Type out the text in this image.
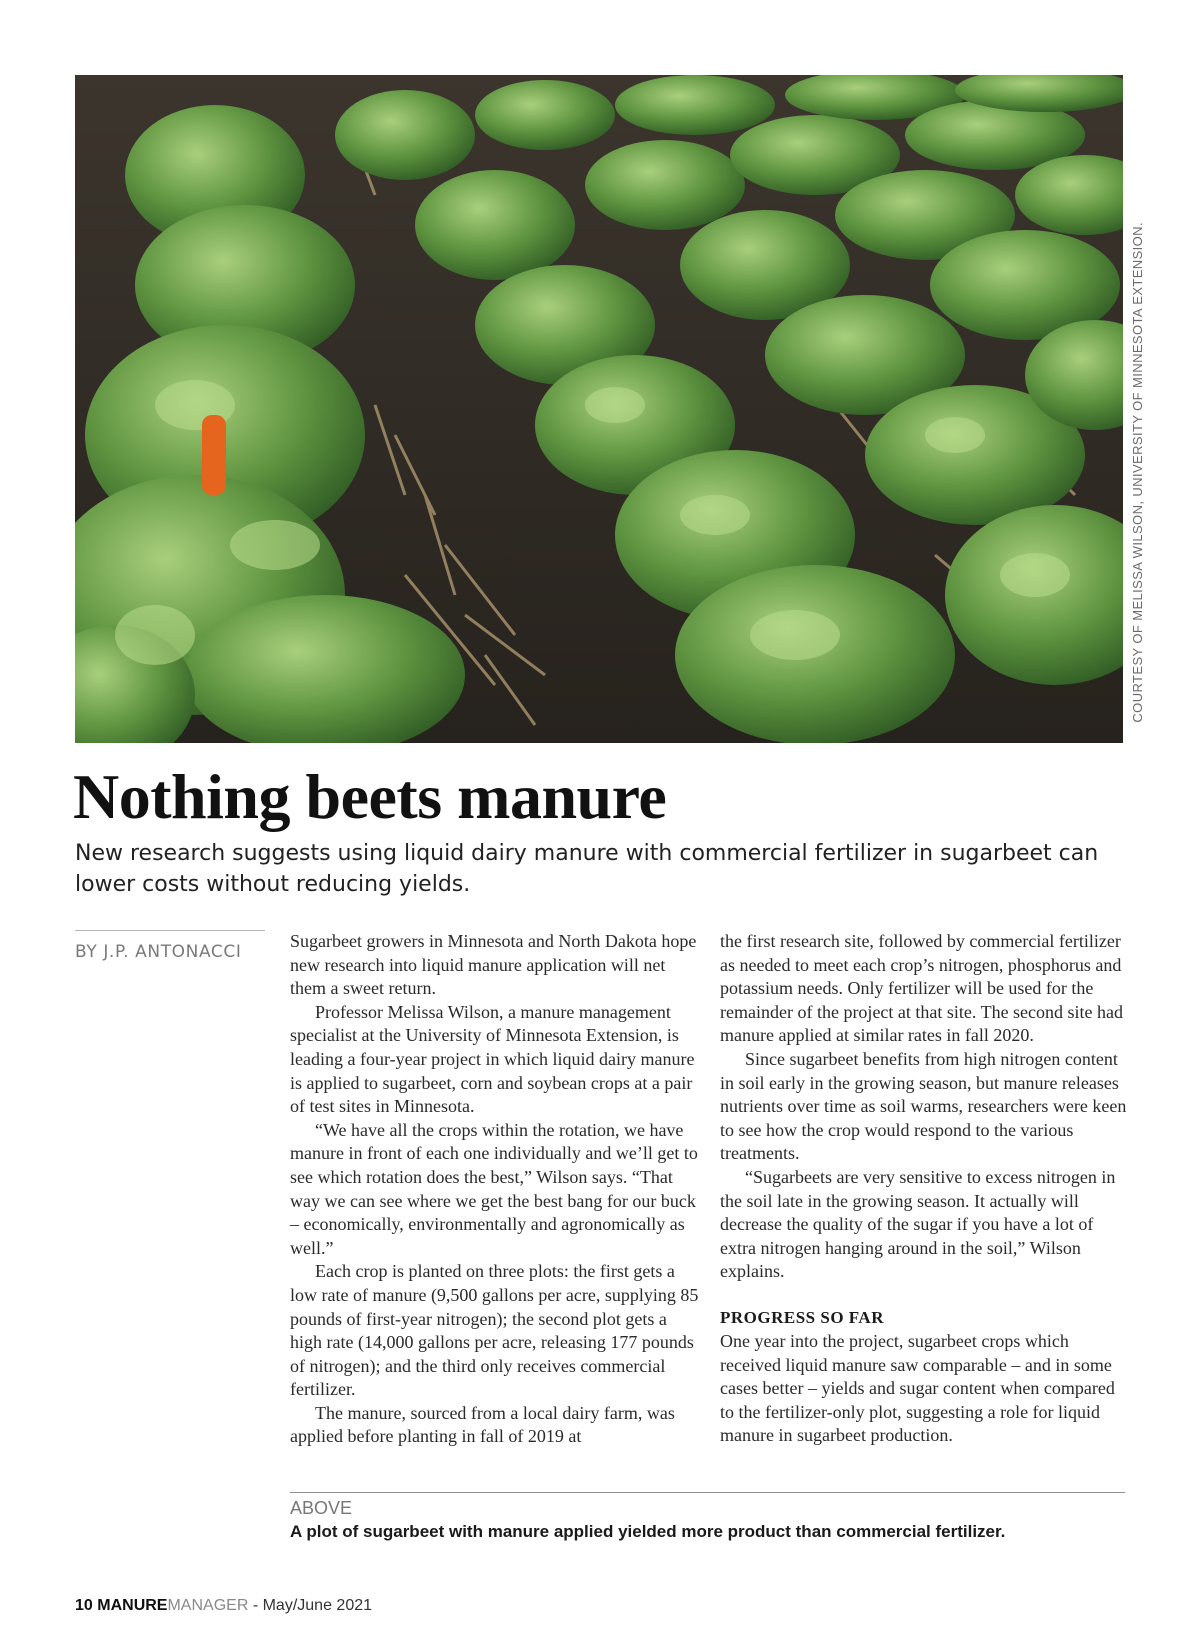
COURTESY OF MELISSA WILSON, UNIVERSITY OF MINNESOTA EXTENSION.
Nothing beets manure

New research suggests using liquid dairy manure with commercial fertilizer in sugarbeet can lower costs without reducing yields.

BY J.P. ANTONACCI

Sugarbeet growers in Minnesota and North Dakota hope new research into liquid manure application will net them a sweet return.

Professor Melissa Wilson, a manure management specialist at the University of Minnesota Extension, is leading a four-year project in which liquid dairy manure is applied to sugarbeet, corn and soybean crops at a pair of test sites in Minnesota.

“We have all the crops within the rotation, we have manure in front of each one individually and we’ll get to see which rotation does the best,” Wilson says. “That way we can see where we get the best bang for our buck – economically, environmentally and agronomically as well.”

Each crop is planted on three plots: the first gets a low rate of manure (9,500 gallons per acre, supplying 85 pounds of first-year nitrogen); the second plot gets a high rate (14,000 gallons per acre, releasing 177 pounds of nitrogen); and the third only receives commercial fertilizer.

The manure, sourced from a local dairy farm, was applied before planting in fall of 2019 at

the first research site, followed by commercial fertilizer as needed to meet each crop’s nitrogen, phosphorus and potassium needs. Only fertilizer will be used for the remainder of the project at that site. The second site had manure applied at similar rates in fall 2020.

Since sugarbeet benefits from high nitrogen content in soil early in the growing season, but manure releases nutrients over time as soil warms, researchers were keen to see how the crop would respond to the various treatments.

“Sugarbeets are very sensitive to excess nitrogen in the soil late in the growing season. It actually will decrease the quality of the sugar if you have a lot of extra nitrogen hanging around in the soil,” Wilson explains.

PROGRESS SO FAR

One year into the project, sugarbeet crops which received liquid manure saw comparable – and in some cases better – yields and sugar content when compared to the fertilizer-only plot, suggesting a role for liquid manure in sugarbeet production.

ABOVE
A plot of sugarbeet with manure applied yielded more product than commercial fertilizer.
10 MANUREMANAGER - May/June 2021
